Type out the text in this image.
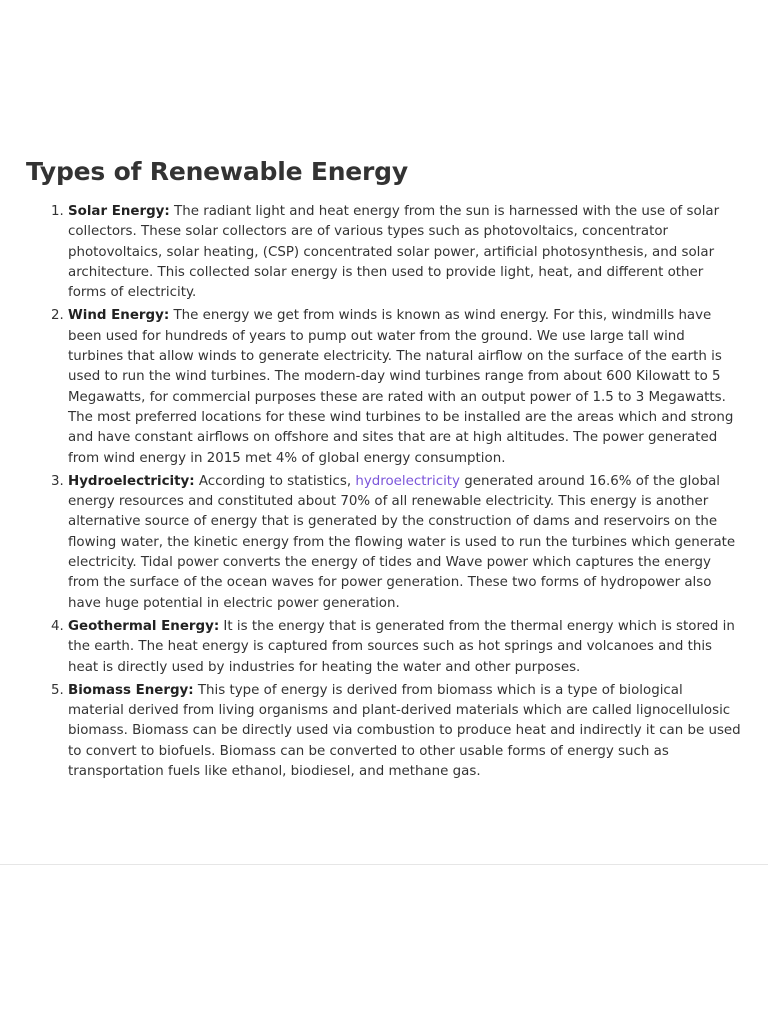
Types of Renewable Energy
1. Solar Energy: The radiant light and heat energy from the sun is harnessed with the use of solar collectors. These solar collectors are of various types such as photovoltaics, concentrator photovoltaics, solar heating, (CSP) concentrated solar power, artificial photosynthesis, and solar architecture. This collected solar energy is then used to provide light, heat, and different other forms of electricity.
2. Wind Energy: The energy we get from winds is known as wind energy. For this, windmills have been used for hundreds of years to pump out water from the ground. We use large tall wind turbines that allow winds to generate electricity. The natural airflow on the surface of the earth is used to run the wind turbines. The modern-day wind turbines range from about 600 Kilowatt to 5 Megawatts, for commercial purposes these are rated with an output power of 1.5 to 3 Megawatts. The most preferred locations for these wind turbines to be installed are the areas which and strong and have constant airflows on offshore and sites that are at high altitudes. The power generated from wind energy in 2015 met 4% of global energy consumption.
3. Hydroelectricity: According to statistics, hydroelectricity generated around 16.6% of the global energy resources and constituted about 70% of all renewable electricity. This energy is another alternative source of energy that is generated by the construction of dams and reservoirs on the flowing water, the kinetic energy from the flowing water is used to run the turbines which generate electricity. Tidal power converts the energy of tides and Wave power which captures the energy from the surface of the ocean waves for power generation. These two forms of hydropower also have huge potential in electric power generation.
4. Geothermal Energy: It is the energy that is generated from the thermal energy which is stored in the earth. The heat energy is captured from sources such as hot springs and volcanoes and this heat is directly used by industries for heating the water and other purposes.
5. Biomass Energy: This type of energy is derived from biomass which is a type of biological material derived from living organisms and plant-derived materials which are called lignocellulosic biomass. Biomass can be directly used via combustion to produce heat and indirectly it can be used to convert to biofuels. Biomass can be converted to other usable forms of energy such as transportation fuels like ethanol, biodiesel, and methane gas.
